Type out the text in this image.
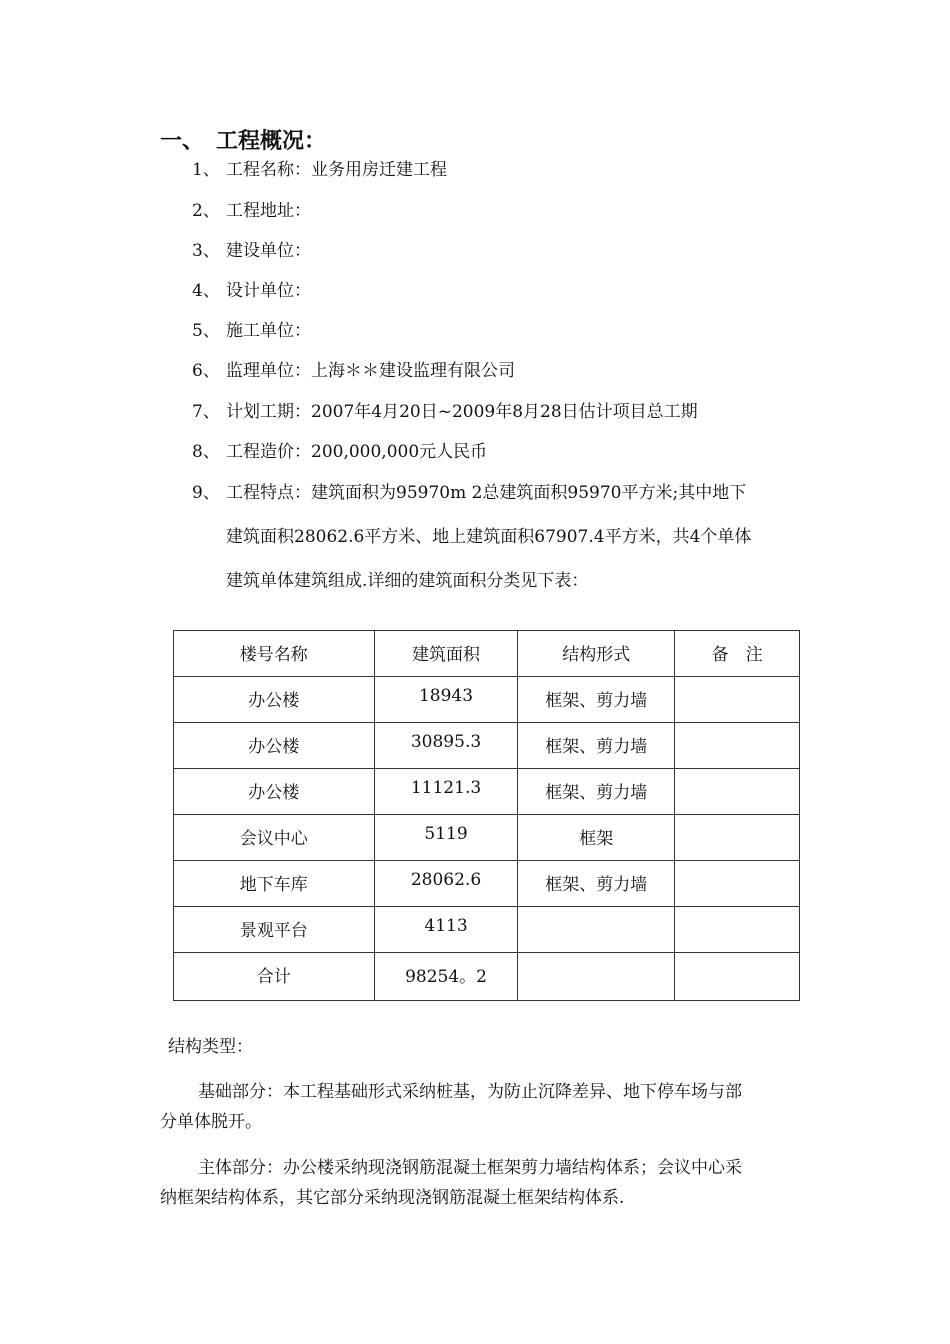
一、 工程概况：
1、 工程名称：业务用房迁建工程
2、 工程地址：
3、 建设单位：
4、 设计单位：
5、 施工单位：
6、 监理单位：上海＊＊建设监理有限公司
7、 计划工期：2007年4月20日~2009年8月28日估计项目总工期
8、 工程造价：200,000,000元人民币
9、 工程特点：建筑面积为95970m 2总建筑面积95970平方米;其中地下
建筑面积28062.6平方米、地上建筑面积67907.4平方米，共4个单体
建筑单体建筑组成.详细的建筑面积分类见下表：
楼号名称	建筑面积	结构形式	备　注
办公楼	18943	框架、剪力墙	
办公楼	30895.3	框架、剪力墙	
办公楼	11121.3	框架、剪力墙	
会议中心	5119	框架	
地下车库	28062.6	框架、剪力墙	
景观平台	4113		
合计	98254。2		
结构类型：
基础部分：本工程基础形式采纳桩基，为防止沉降差异、地下停车场与部
分单体脱开。
主体部分：办公楼采纳现浇钢筋混凝土框架剪力墙结构体系；会议中心采
纳框架结构体系，其它部分采纳现浇钢筋混凝土框架结构体系.
